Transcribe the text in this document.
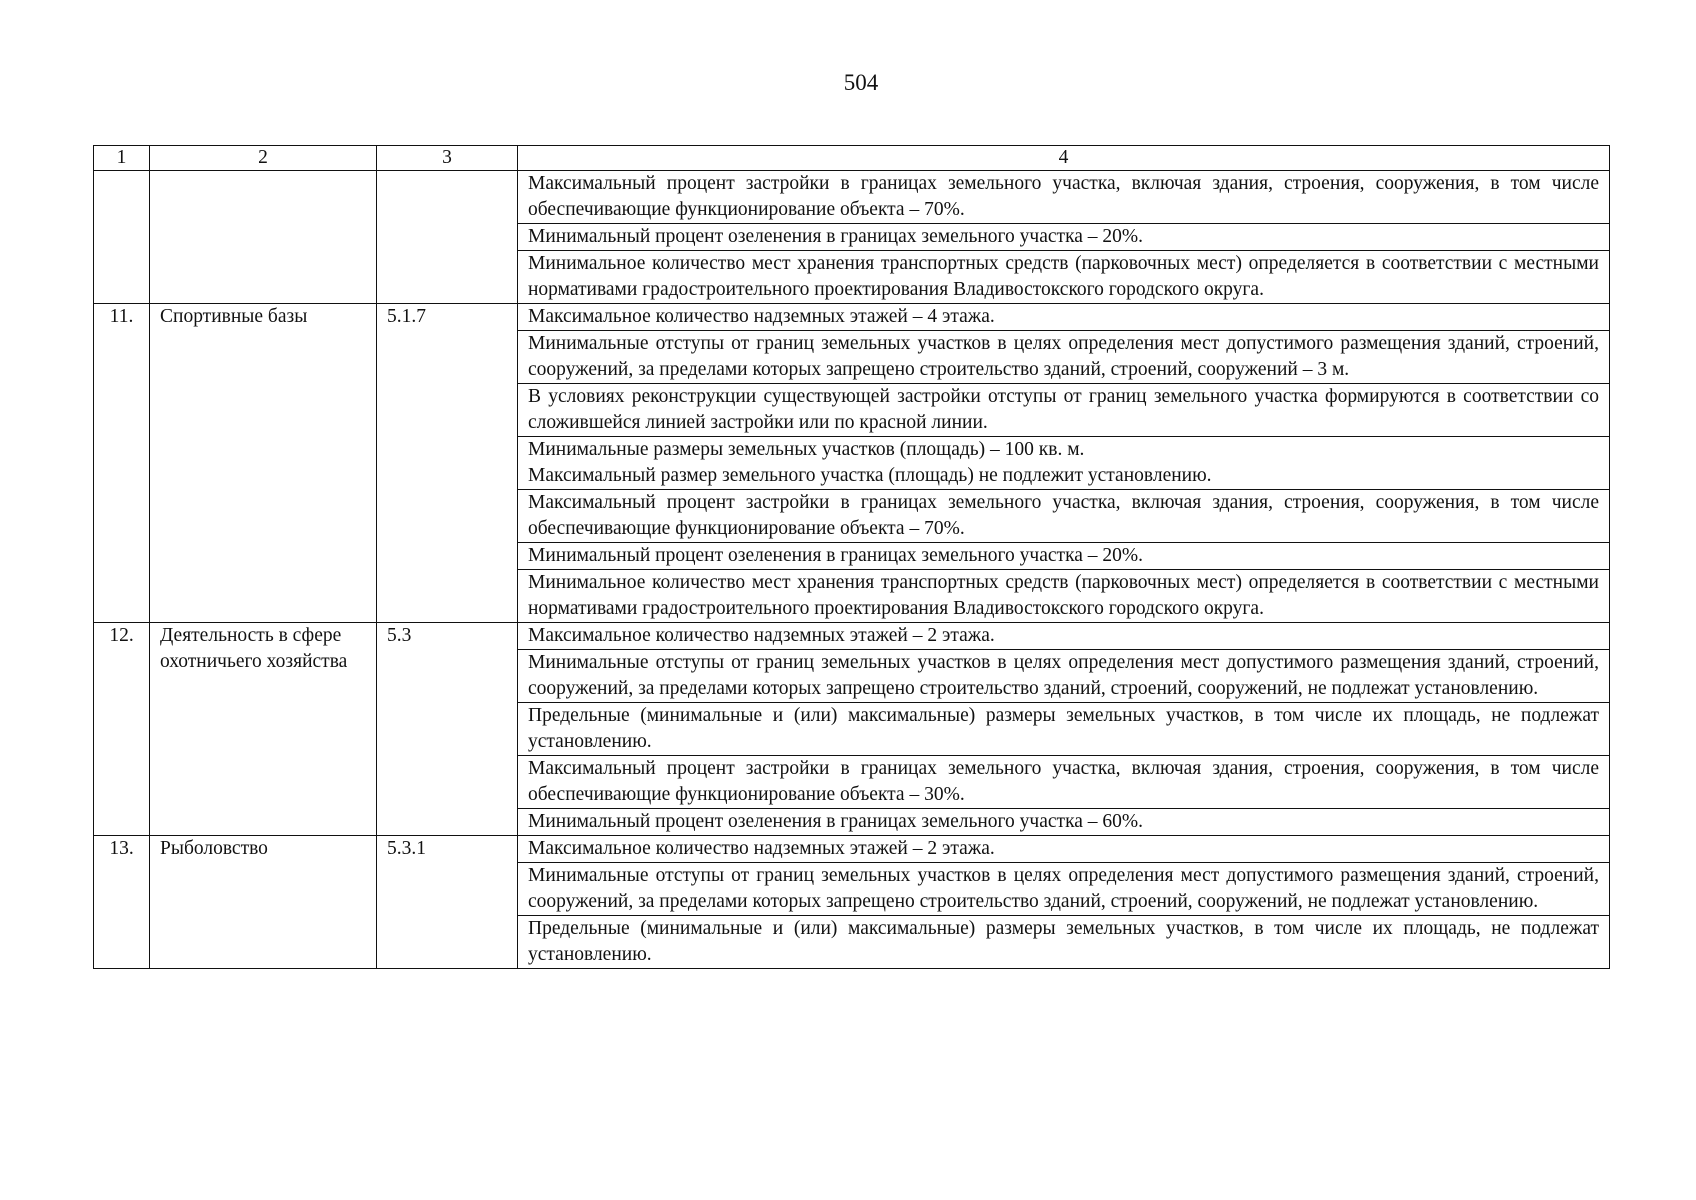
504
1	2	3	4
			Максимальный процент застройки в границах земельного участка, включая здания, строения, сооружения, в том числе обеспечивающие функционирование объекта – 70%.
			Минимальный процент озеленения в границах земельного участка – 20%.
			Минимальное количество мест хранения транспортных средств (парковочных мест) определяется в соответствии с местными нормативами градостроительного проектирования Владивостокского городского округа.
11.	Спортивные базы	5.1.7	Максимальное количество надземных этажей – 4 этажа.
			Минимальные отступы от границ земельных участков в целях определения мест допустимого размещения зданий, строений, сооружений, за пределами которых запрещено строительство зданий, строений, сооружений – 3 м.
			В условиях реконструкции существующей застройки отступы от границ земельного участка формируются в соответствии со сложившейся линией застройки или по красной линии.

			Минимальные размеры земельных участков (площадь) – 100 кв. м.
Максимальный размер земельного участка (площадь) не подлежит установлению.

			Максимальный процент застройки в границах земельного участка, включая здания, строения, сооружения, в том числе обеспечивающие функционирование объекта – 70%.
			Минимальный процент озеленения в границах земельного участка – 20%.
			Минимальное количество мест хранения транспортных средств (парковочных мест) определяется в соответствии с местными нормативами градостроительного проектирования Владивостокского городского округа.
12.	Деятельность в сфере охотничьего хозяйства	5.3	Максимальное количество надземных этажей – 2 этажа.
			Минимальные отступы от границ земельных участков в целях определения мест допустимого размещения зданий, строений, сооружений, за пределами которых запрещено строительство зданий, строений, сооружений, не подлежат установлению.
			Предельные (минимальные и (или) максимальные) размеры земельных участков, в том числе их площадь, не подлежат установлению.
			Максимальный процент застройки в границах земельного участка, включая здания, строения, сооружения, в том числе обеспечивающие функционирование объекта – 30%.
			Минимальный процент озеленения в границах земельного участка – 60%.
13.	Рыболовство	5.3.1	Максимальное количество надземных этажей – 2 этажа.
			Минимальные отступы от границ земельных участков в целях определения мест допустимого размещения зданий, строений, сооружений, за пределами которых запрещено строительство зданий, строений, сооружений, не подлежат установлению.
			Предельные (минимальные и (или) максимальные) размеры земельных участков, в том числе их площадь, не подлежат установлению.
